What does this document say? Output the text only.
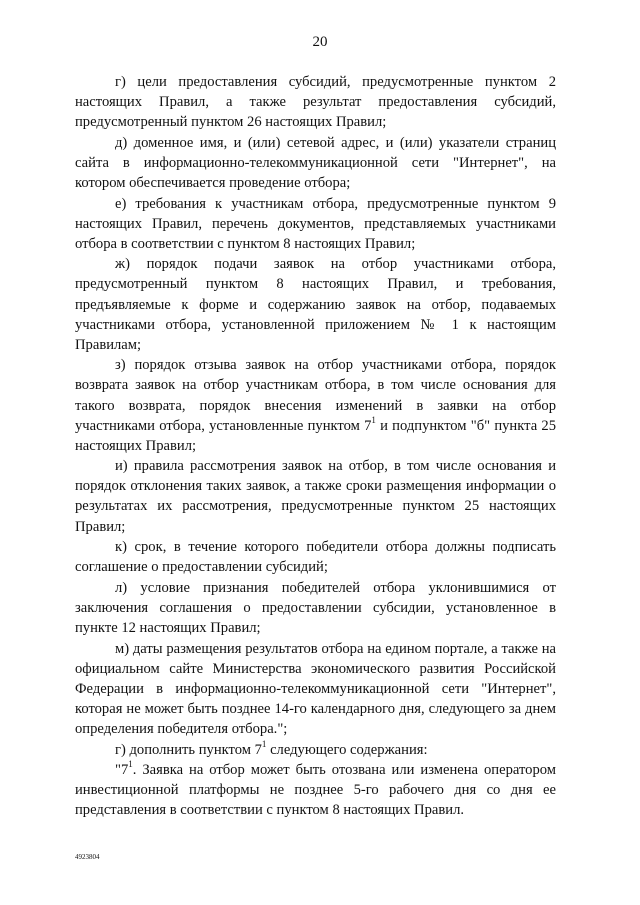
20

г) цели предоставления субсидий, предусмотренные пунктом 2 настоящих Правил, а также результат предоставления субсидий, предусмотренный пунктом 26 настоящих Правил;

д) доменное имя, и (или) сетевой адрес, и (или) указатели страниц сайта в информационно-телекоммуникационной сети "Интернет", на котором обеспечивается проведение отбора;

е) требования к участникам отбора, предусмотренные пунктом 9 настоящих Правил, перечень документов, представляемых участниками отбора в соответствии с пунктом 8 настоящих Правил;

ж) порядок подачи заявок на отбор участниками отбора, предусмотренный пунктом 8 настоящих Правил, и требования, предъявляемые к форме и содержанию заявок на отбор, подаваемых участниками отбора, установленной приложением № 1 к настоящим Правилам;

з) порядок отзыва заявок на отбор участниками отбора, порядок возврата заявок на отбор участникам отбора, в том числе основания для такого возврата, порядок внесения изменений в заявки на отбор участниками отбора, установленные пунктом $7^1$ и подпунктом "б" пункта 25 настоящих Правил;

и) правила рассмотрения заявок на отбор, в том числе основания и порядок отклонения таких заявок, а также сроки размещения информации о результатах их рассмотрения, предусмотренные пунктом 25 настоящих Правил;

к) срок, в течение которого победители отбора должны подписать соглашение о предоставлении субсидий;

л) условие признания победителей отбора уклонившимися от заключения соглашения о предоставлении субсидии, установленное в пункте 12 настоящих Правил;

м) даты размещения результатов отбора на едином портале, а также на официальном сайте Министерства экономического развития Российской Федерации в информационно-телекоммуникационной сети "Интернет", которая не может быть позднее 14-го календарного дня, следующего за днем определения победителя отбора.";

г) дополнить пунктом $7^1$ следующего содержания:

"$7^1$. Заявка на отбор может быть отозвана или изменена оператором инвестиционной платформы не позднее 5-го рабочего дня со дня ее представления в соответствии с пунктом 8 настоящих Правил.

4923804
